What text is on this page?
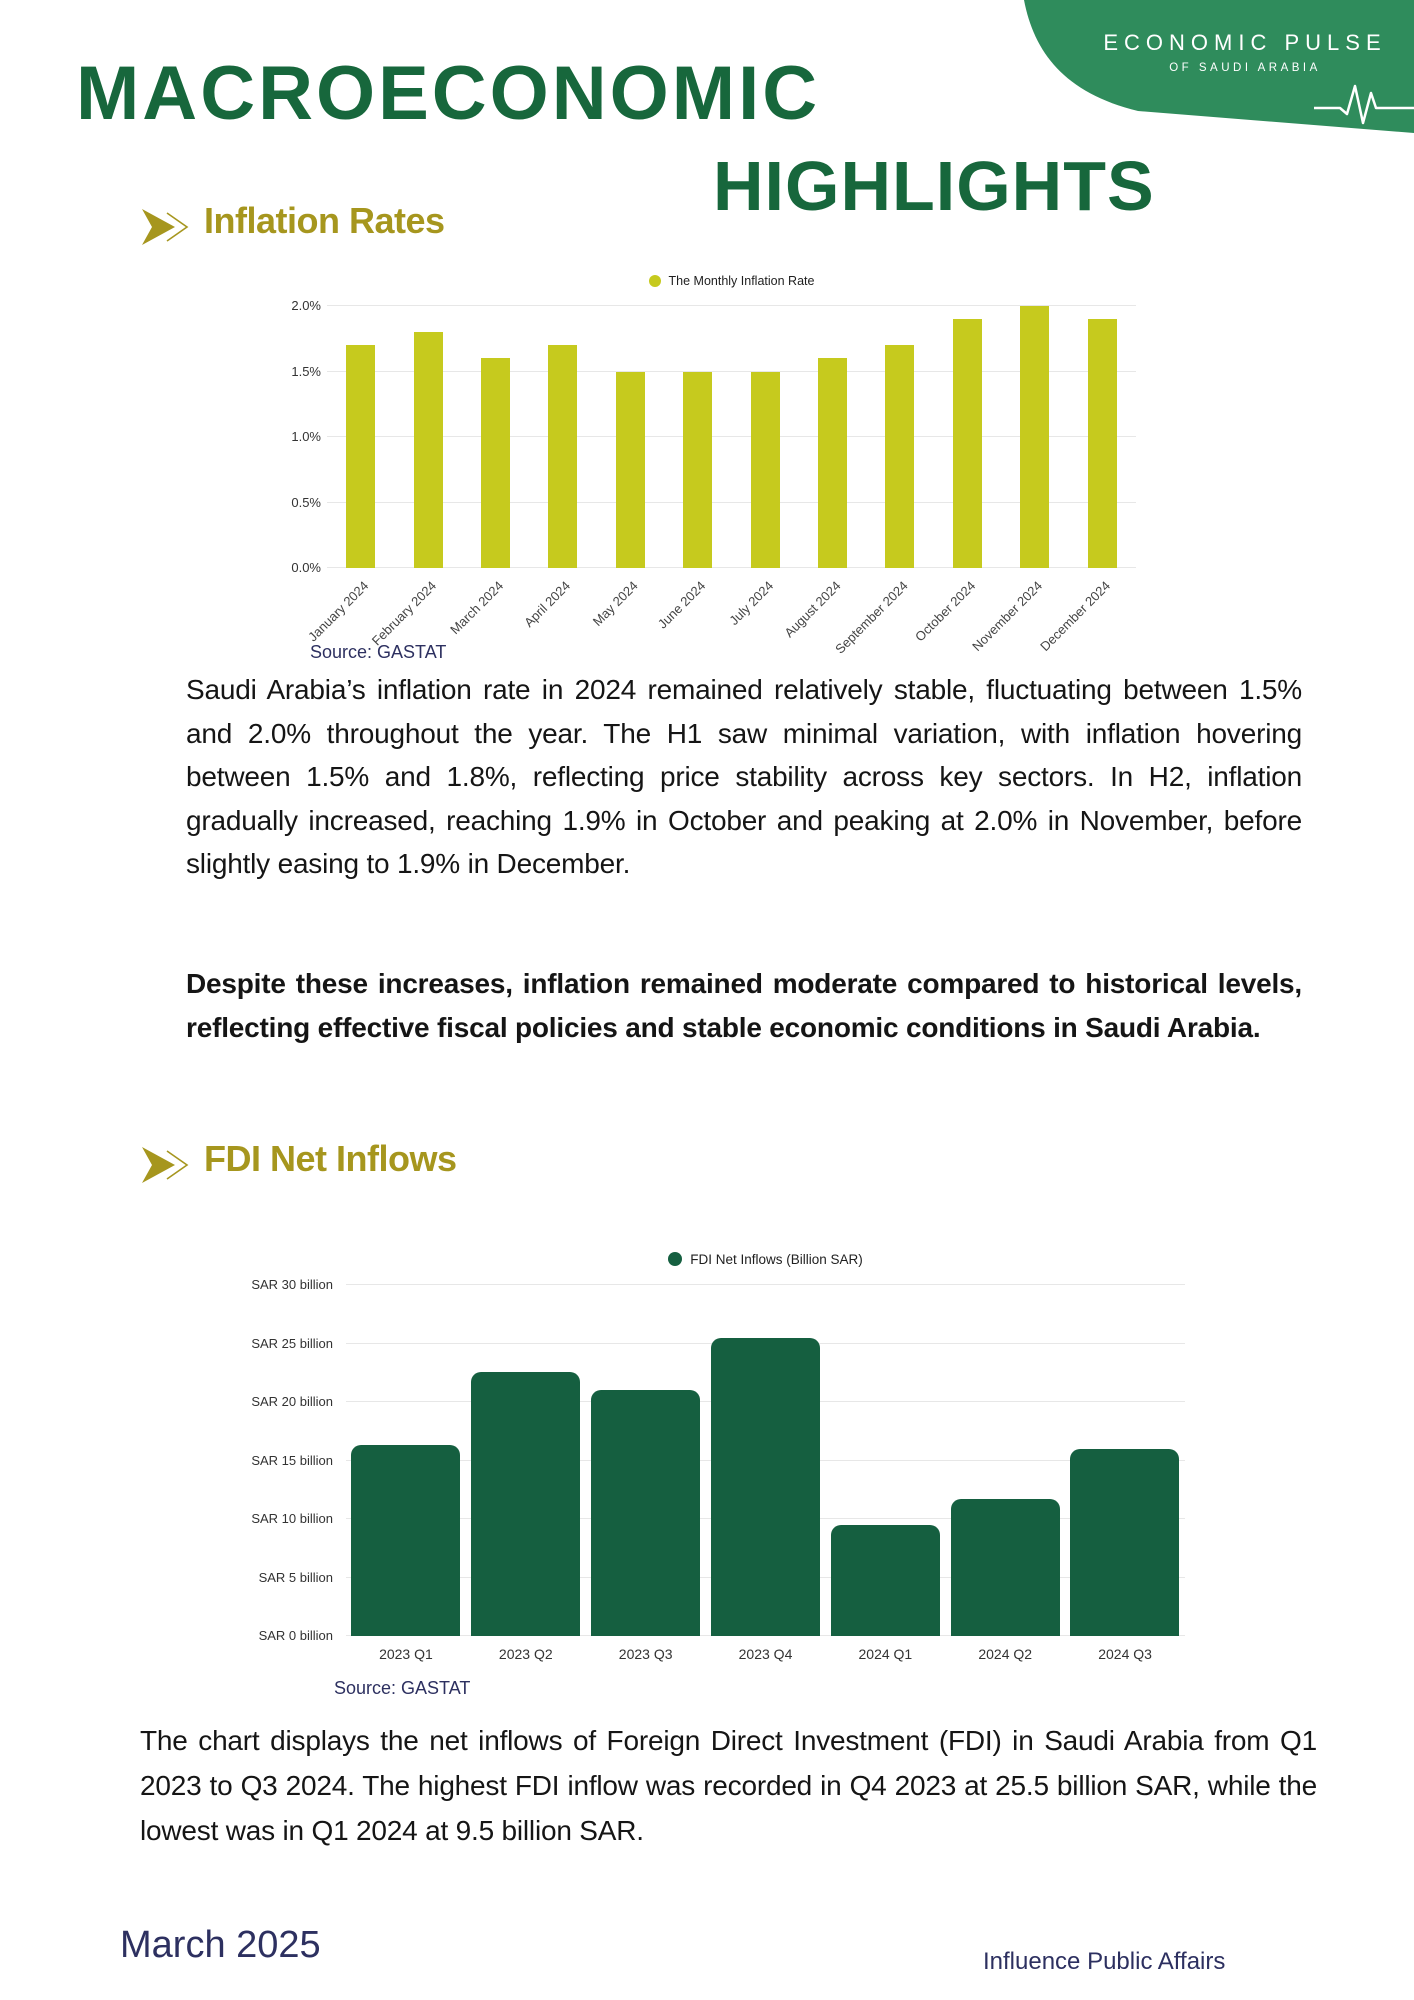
ECONOMIC PULSE
OF SAUDI ARABIA
MACROECONOMIC
HIGHLIGHTS
Inflation Rates
The Monthly Inflation Rate
0.0%
0.5%
1.0%
1.5%
2.0%
January 2024
February 2024 March 2024 April 2024 May 2024 June 2024 July 2024 August 2024
September 2024 October 2024
November 2024
December 2024
Source: GASTAT

Saudi Arabia’s inflation rate in 2024 remained relatively stable, fluctuating between 1.5% and 2.0% throughout the year. The H1 saw minimal variation, with inflation hovering between 1.5% and 1.8%, reflecting price stability across key sectors. In H2, inflation gradually increased, reaching 1.9% in October and peaking at 2.0% in November, before slightly easing to 1.9% in December.

Despite these increases, inflation remained moderate compared to historical levels, reflecting effective fiscal policies and stable economic conditions in Saudi Arabia.

FDI Net Inflows
FDI Net Inflows (Billion SAR)
SAR 0 billion
SAR 5 billion
SAR 10 billion
SAR 15 billion
SAR 20 billion
SAR 25 billion
SAR 30 billion
2023 Q1	2023 Q2	2023 Q3	2023 Q4	2024 Q1	2024 Q2	2024 Q3
Source: GASTAT

The chart displays the net inflows of Foreign Direct Investment (FDI) in Saudi Arabia from Q1 2023 to Q3 2024. The highest FDI inflow was recorded in Q4 2023 at 25.5 billion SAR, while the lowest was in Q1 2024 at 9.5 billion SAR.

March 2025	Influence Public Affairs
